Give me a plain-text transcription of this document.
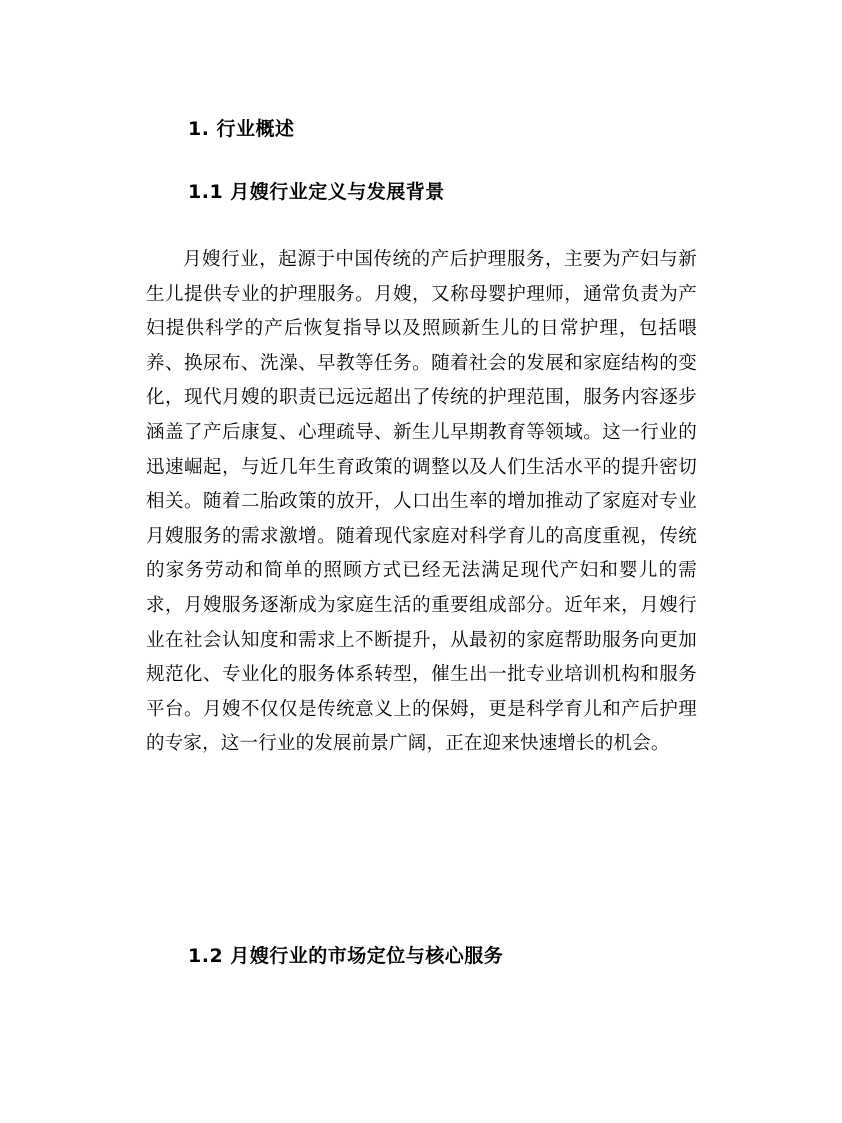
1. 行业概述
1.1 月嫂行业定义与发展背景

月嫂行业，起源于中国传统的产后护理服务，主要为产妇与新生儿提供专业的护理服务。月嫂，又称母婴护理师，通常负责为产妇提供科学的产后恢复指导以及照顾新生儿的日常护理，包括喂养、换尿布、洗澡、早教等任务。随着社会的发展和家庭结构的变化，现代月嫂的职责已远远超出了传统的护理范围，服务内容逐步涵盖了产后康复、心理疏导、新生儿早期教育等领域。这一行业的迅速崛起，与近几年生育政策的调整以及人们生活水平的提升密切相关。随着二胎政策的放开，人口出生率的增加推动了家庭对专业月嫂服务的需求激增。随着现代家庭对科学育儿的高度重视，传统的家务劳动和简单的照顾方式已经无法满足现代产妇和婴儿的需求，月嫂服务逐渐成为家庭生活的重要组成部分。近年来，月嫂行业在社会认知度和需求上不断提升，从最初的家庭帮助服务向更加规范化、专业化的服务体系转型，催生出一批专业培训机构和服务平台。月嫂不仅仅是传统意义上的保姆，更是科学育儿和产后护理的专家，这一行业的发展前景广阔，正在迎来快速增长的机会。

1.2 月嫂行业的市场定位与核心服务
